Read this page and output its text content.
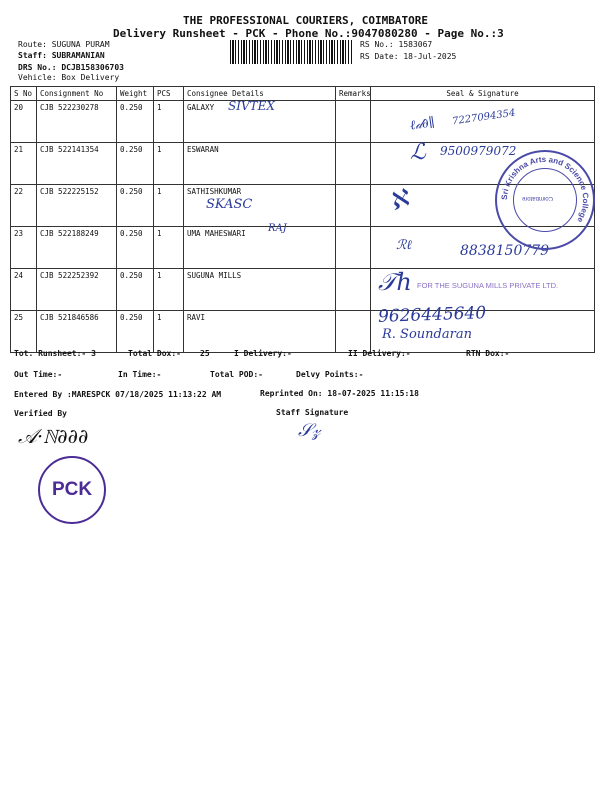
THE PROFESSIONAL COURIERS, COIMBATORE
Delivery Runsheet - PCK - Phone No.:9047080280 - Page No.:3
Route: SUGUNA PURAM
Staff: SUBRAMANIAN
DRS No.: DCJB158306703
Vehicle: Box Delivery
RS No.: 1583067
RS Date: 18-Jul-2025
S No	Consignment No	Weight	PCS	Consignee Details	Remarks	Seal & Signature
20	CJB 522230278	0.250	1	GALAXY		
21	CJB 522141354	0.250	1	ESWARAN		
22	CJB 522225152	0.250	1	SATHISHKUMAR		
23	CJB 522188249	0.250	1	UMA MAHESWARI		
24	CJB 522252392	0.250	1	SUGUNA MILLS		
25	CJB 521846586	0.250	1	RAVI		
SIVTEX
ℓ𝒹∂∥ 7227094354
ℒ 9500979072
SKASC	ℵ
RAJ
ℛℓ	8838150779
𝒯ℎ FOR THE SUGUNA MILLS PRIVATE LTD.
9626445640
R. Soundaran
Sri Krishna Arts and Science College
Coimbatore
Tot. Runsheet:- 3	Total Dox:- 25	I Delivery:-	II Delivery:-	RTN Dox:-
Out Time:-	In Time:-	Total POD:-	Delvy Points:-
Entered By :MARESPCK 07/18/2025 11:13:22 AM	Reprinted On: 18-07-2025 11:15:18
Verified By	Staff Signature
𝒮𝓏
𝒜·ℕ∂∂∂
PCK
